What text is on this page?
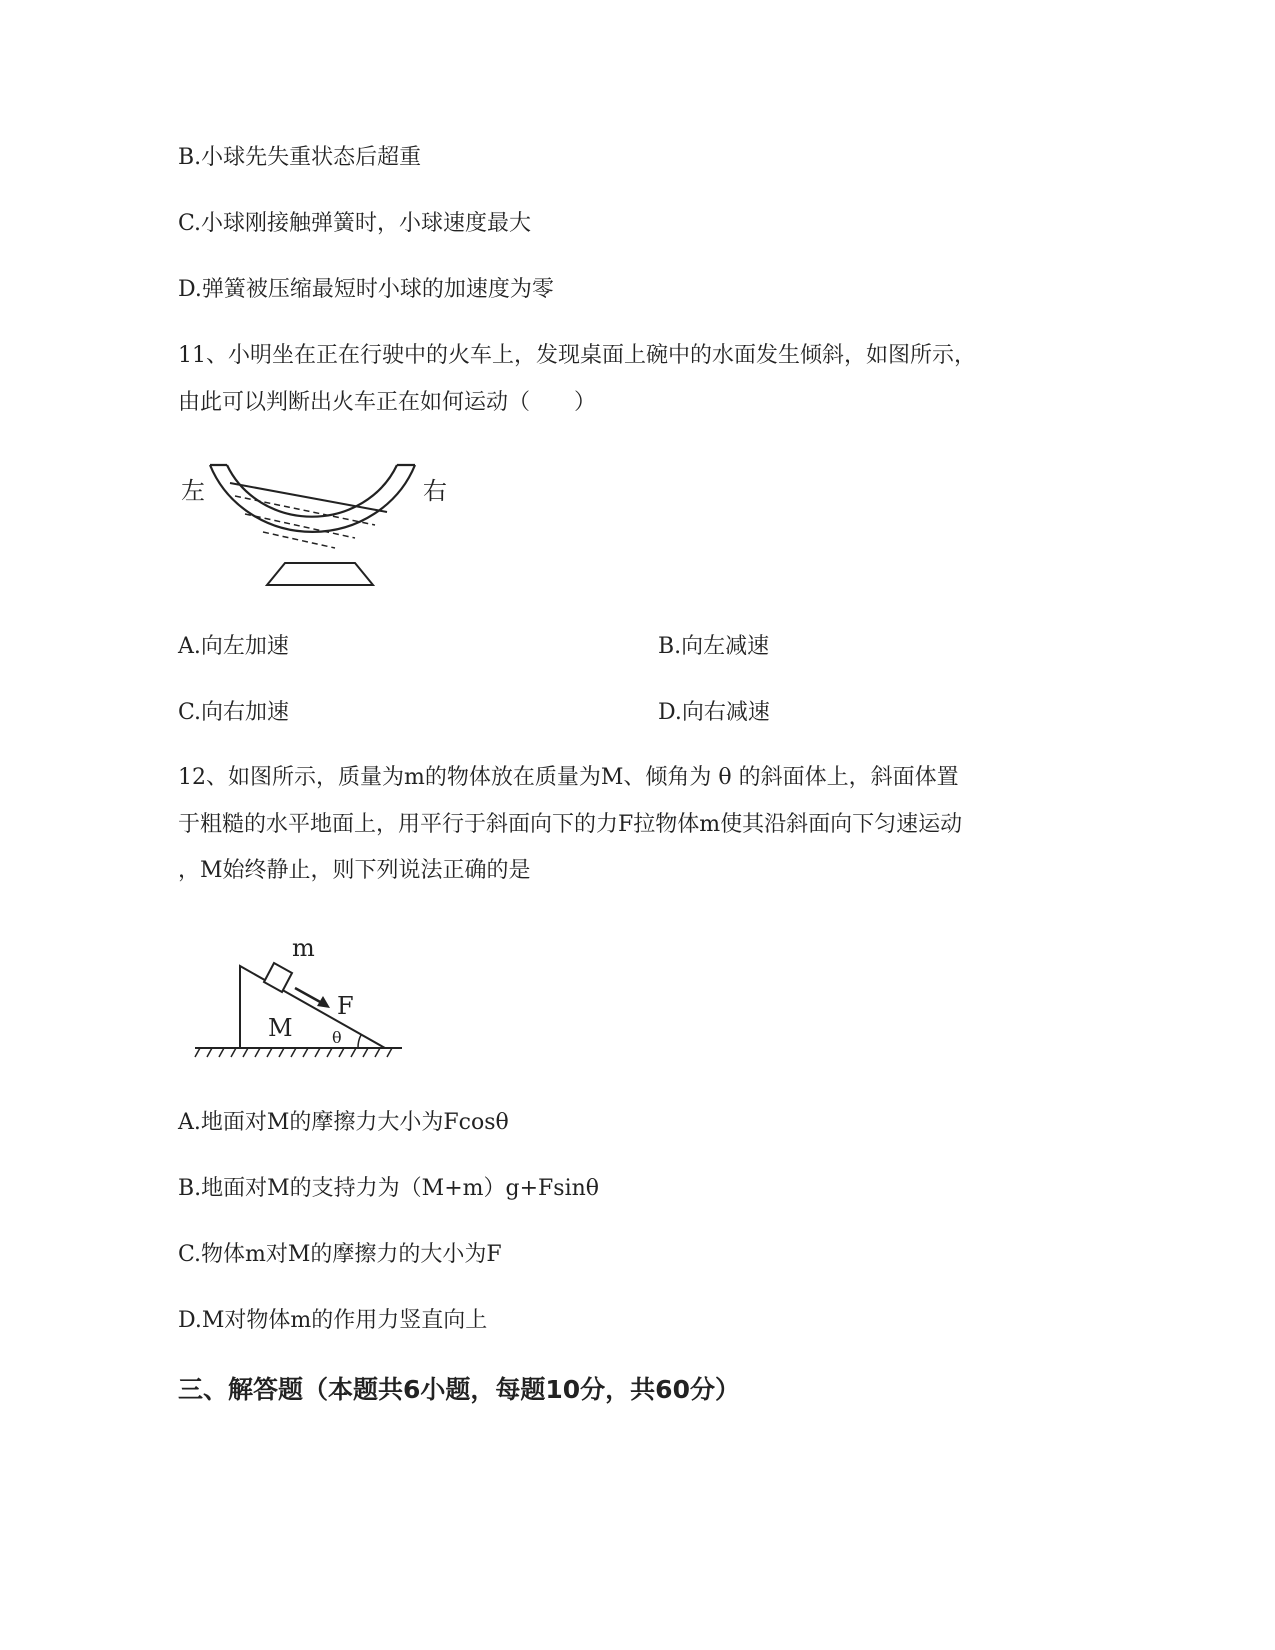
B.小球先失重状态后超重
C.小球刚接触弹簧时，小球速度最大
D.弹簧被压缩最短时小球的加速度为零
11、小明坐在正在行驶中的火车上，发现桌面上碗中的水面发生倾斜，如图所示，
由此可以判断出火车正在如何运动（　　）
左	右
A.向左加速	B.向左减速
C.向右加速	D.向右减速
12、如图所示，质量为m的物体放在质量为M、倾角为 θ 的斜面体上，斜面体置
于粗糙的水平地面上，用平行于斜面向下的力F拉物体m使其沿斜面向下匀速运动
，M始终静止，则下列说法正确的是
m
F
M θ
A.地面对M的摩擦力大小为Fcosθ
B.地面对M的支持力为（M+m）g+Fsinθ
C.物体m对M的摩擦力的大小为F
D.M对物体m的作用力竖直向上
三、解答题（本题共6小题，每题10分，共60分）
